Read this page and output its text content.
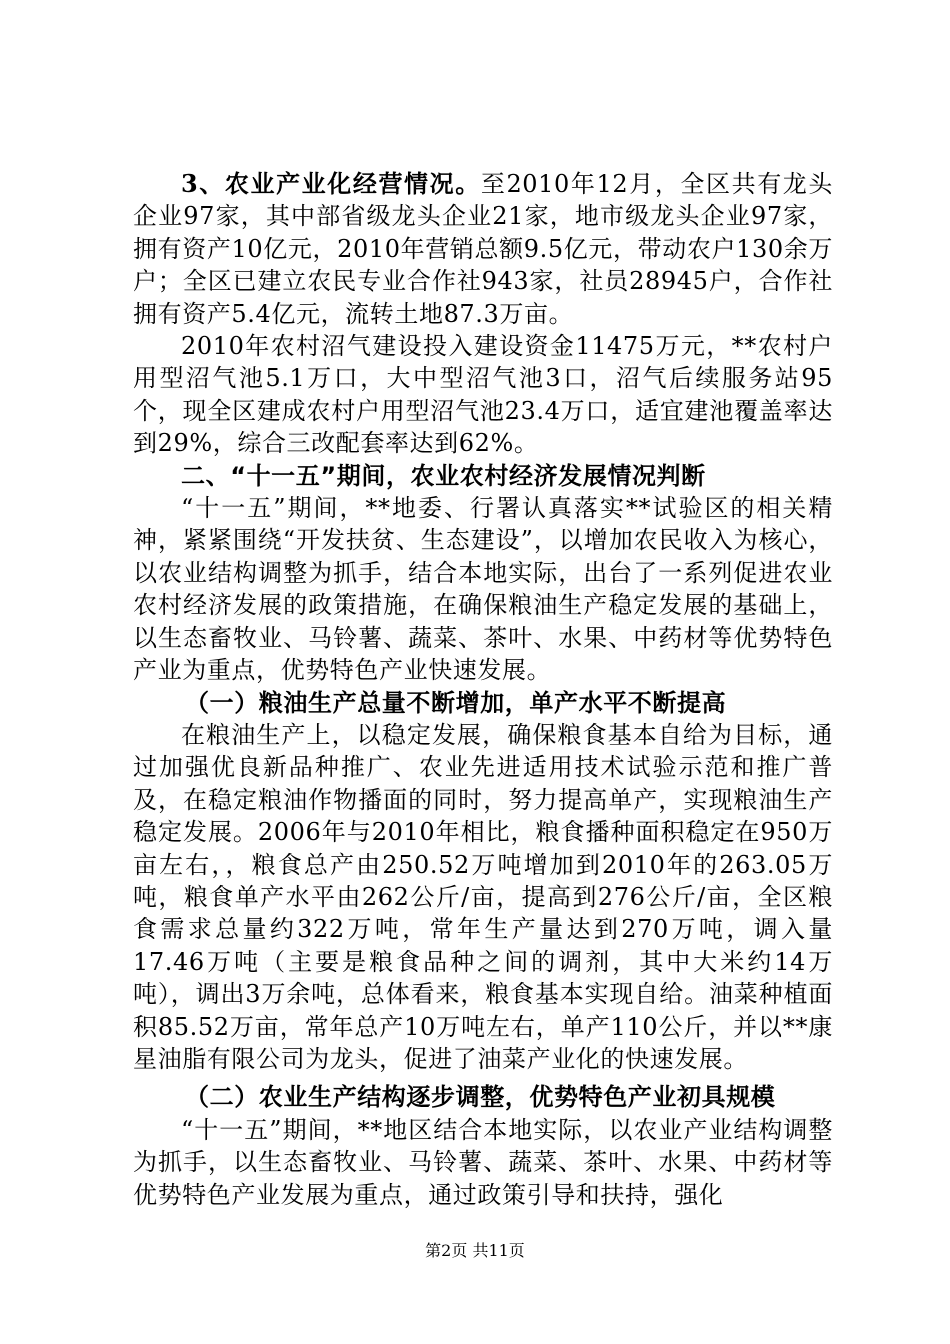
3、农业产业化经营情况。至2010年12月，全区共有龙头企业97家，其中部省级龙头企业21家，地市级龙头企业97家，拥有资产10亿元，2010年营销总额9.5亿元，带动农户130余万户；全区已建立农民专业合作社943家，社员28945户，合作社拥有资产5.4亿元，流转土地87.3万亩。

2010年农村沼气建设投入建设资金11475万元，**农村户用型沼气池5.1万口，大中型沼气池3口，沼气后续服务站95个，现全区建成农村户用型沼气池23.4万口，适宜建池覆盖率达到29%，综合三改配套率达到62%。

二、“十一五”期间，农业农村经济发展情况判断

“十一五”期间，**地委、行署认真落实**试验区的相关精神，紧紧围绕“开发扶贫、生态建设”，以增加农民收入为核心，以农业结构调整为抓手，结合本地实际，出台了一系列促进农业农村经济发展的政策措施，在确保粮油生产稳定发展的基础上，以生态畜牧业、马铃薯、蔬菜、茶叶、水果、中药材等优势特色产业为重点，优势特色产业快速发展。

（一）粮油生产总量不断增加，单产水平不断提高

在粮油生产上，以稳定发展，确保粮食基本自给为目标，通过加强优良新品种推广、农业先进适用技术试验示范和推广普及，在稳定粮油作物播面的同时，努力提高单产，实现粮油生产稳定发展。2006年与2010年相比，粮食播种面积稳定在950万亩左右，，粮食总产由250.52万吨增加到2010年的263.05万吨，粮食单产水平由262公斤/亩，提高到276公斤/亩，全区粮食需求总量约322万吨，常年生产量达到270万吨，调入量17.46万吨（主要是粮食品种之间的调剂，其中大米约14万吨），调出3万余吨，总体看来，粮食基本实现自给。油菜种植面积85.52万亩，常年总产10万吨左右，单产110公斤，并以**康星油脂有限公司为龙头，促进了油菜产业化的快速发展。

（二）农业生产结构逐步调整，优势特色产业初具规模

“十一五”期间，**地区结合本地实际，以农业产业结构调整为抓手，以生态畜牧业、马铃薯、蔬菜、茶叶、水果、中药材等优势特色产业发展为重点，通过政策引导和扶持，强化

第2页 共11页
